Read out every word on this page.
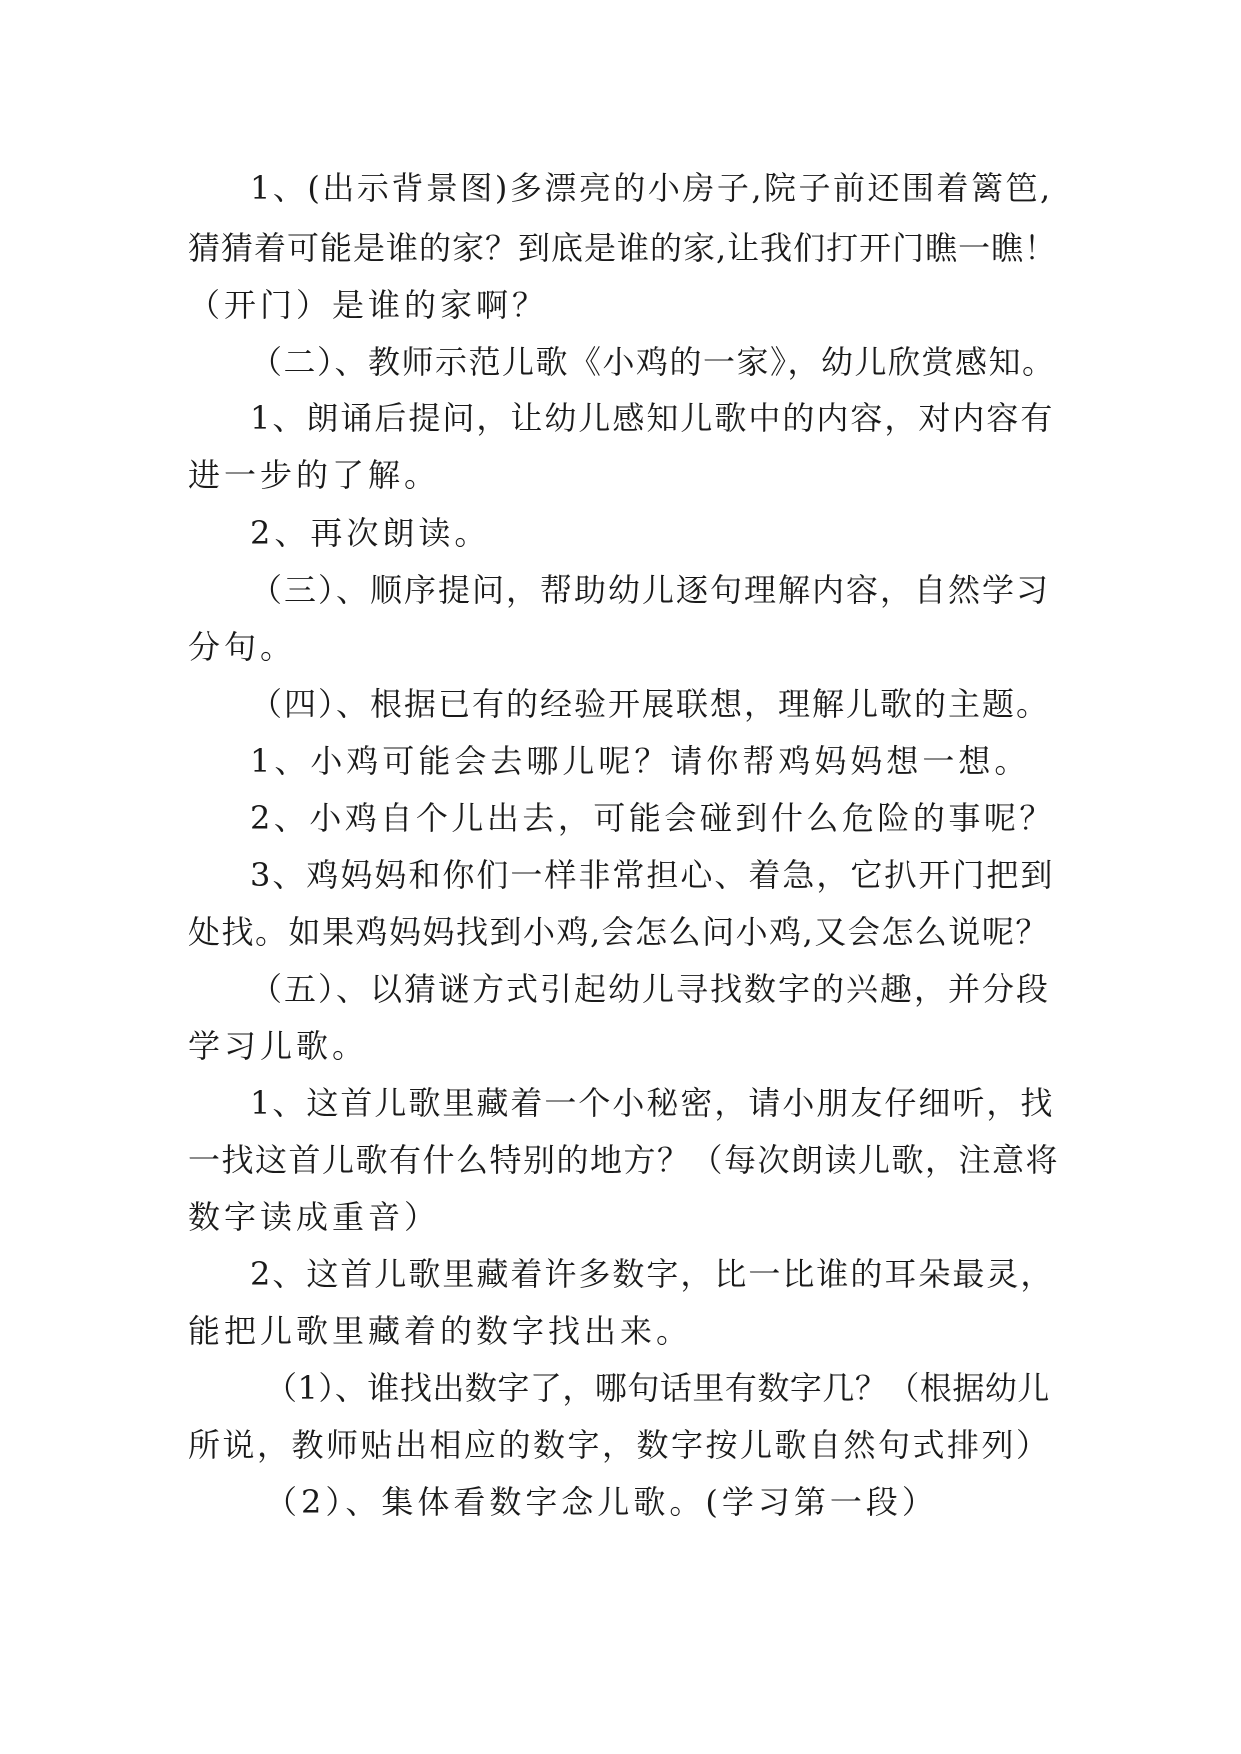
1、(出示背景图)多漂亮的小房子,院子前还围着篱笆,
猜猜着可能是谁的家？到底是谁的家,让我们打开门瞧一瞧！
（开门）是谁的家啊？
（二）、教师示范儿歌《小鸡的一家》，幼儿欣赏感知。
1、朗诵后提问，让幼儿感知儿歌中的内容，对内容有
进一步的了解。
2、再次朗读。
（三）、顺序提问，帮助幼儿逐句理解内容，自然学习
分句。
（四）、根据已有的经验开展联想，理解儿歌的主题。
1、小鸡可能会去哪儿呢？请你帮鸡妈妈想一想。
2、小鸡自个儿出去，可能会碰到什么危险的事呢？
3、鸡妈妈和你们一样非常担心、着急，它扒开门把到
处找。如果鸡妈妈找到小鸡,会怎么问小鸡,又会怎么说呢？
（五）、以猜谜方式引起幼儿寻找数字的兴趣，并分段
学习儿歌。
1、这首儿歌里藏着一个小秘密，请小朋友仔细听，找
一找这首儿歌有什么特别的地方？（每次朗读儿歌，注意将
数字读成重音）
2、这首儿歌里藏着许多数字，比一比谁的耳朵最灵，
能把儿歌里藏着的数字找出来。
（1）、谁找出数字了，哪句话里有数字几？（根据幼儿
所说，教师贴出相应的数字，数字按儿歌自然句式排列）
（2）、集体看数字念儿歌。(学习第一段）
